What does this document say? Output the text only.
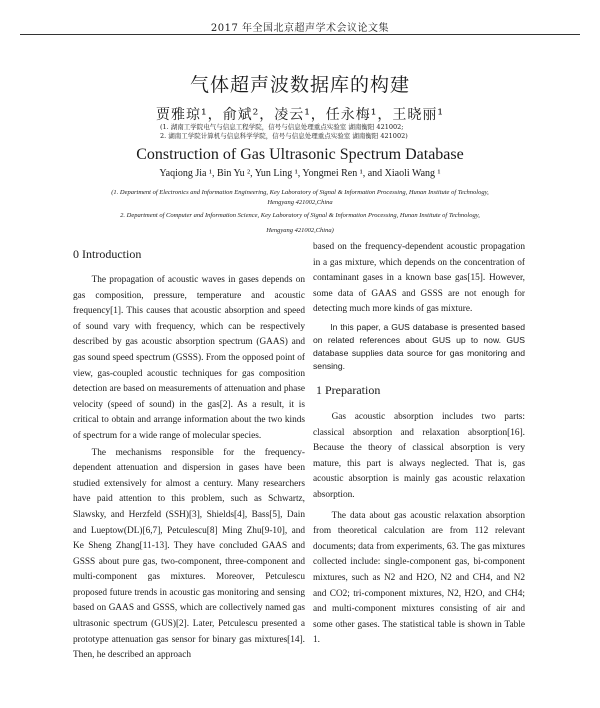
2017 年全国北京超声学术会议论文集
气体超声波数据库的构建
贾雅琼¹，俞斌²，凌云¹，任永梅¹，王晓丽¹
(1. 湖南工学院电气与信息工程学院，信号与信息处理重点实验室 湖南衡阳 421002;
2. 湖南工学院计算机与信息科学学院，信号与信息处理重点实验室 湖南衡阳 421002)
Construction of Gas Ultrasonic Spectrum Database
Yaqiong Jia ¹, Bin Yu ², Yun Ling ¹, Yongmei Ren ¹, and Xiaoli Wang ¹
(1. Department of Electronics and Information Engineering, Key Laboratory of Signal & Information Processing, Hunan Institute of Technology,
Hengyang 421002,China
2. Department of Computer and Information Science, Key Laboratory of Signal & Information Processing, Hunan Institute of Technology,
Hengyang 421002,China)
0 Introduction

The propagation of acoustic waves in gases depends on gas composition, pressure, temperature and acoustic frequency[1]. This causes that acoustic absorption and speed of sound vary with frequency, which can be respectively described by gas acoustic absorption spectrum (GAAS) and gas sound speed spectrum (GSSS). From the opposed point of view, gas-coupled acoustic techniques for gas composition detection are based on measurements of attenuation and phase velocity (speed of sound) in the gas[2]. As a result, it is critical to obtain and arrange information about the two kinds of spectrum for a wide range of molecular species.

The mechanisms responsible for the frequency-dependent attenuation and dispersion in gases have been studied extensively for almost a century. Many researchers have paid attention to this problem, such as Schwartz, Slawsky, and Herzfeld (SSH)[3], Shields[4], Bass[5], Dain and Lueptow(DL)[6,7], Petculescu[8] Ming Zhu[9-10], and Ke Sheng Zhang[11-13]. They have concluded GAAS and GSSS about pure gas, two-component, three-component and multi-component gas mixtures. Moreover, Petculescu proposed future trends in acoustic gas monitoring and sensing based on GAAS and GSSS, which are collectively named gas ultrasonic spectrum (GUS)[2]. Later, Petculescu presented a prototype attenuation gas sensor for binary gas mixtures[14]. Then, he described an approach

based on the frequency-dependent acoustic propagation in a gas mixture, which depends on the concentration of contaminant gases in a known base gas[15]. However, some data of GAAS and GSSS are not enough for detecting much more kinds of gas mixture.

In this paper, a GUS database is presented based on related references about GUS up to now. GUS database supplies data source for gas monitoring and sensing.

1 Preparation

Gas acoustic absorption includes two parts: classical absorption and relaxation absorption[16]. Because the theory of classical absorption is very mature, this part is always neglected. That is, gas acoustic absorption is mainly gas acoustic relaxation absorption.

The data about gas acoustic relaxation absorption from theoretical calculation are from 112 relevant documents; data from experiments, 63. The gas mixtures collected include: single-component gas, bi-component mixtures, such as N2 and H2O, N2 and CH4, and N2 and CO2; tri-component mixtures, N2, H2O, and CH4; and multi-component mixtures consisting of air and some other gases. The statistical table is shown in Table 1.
